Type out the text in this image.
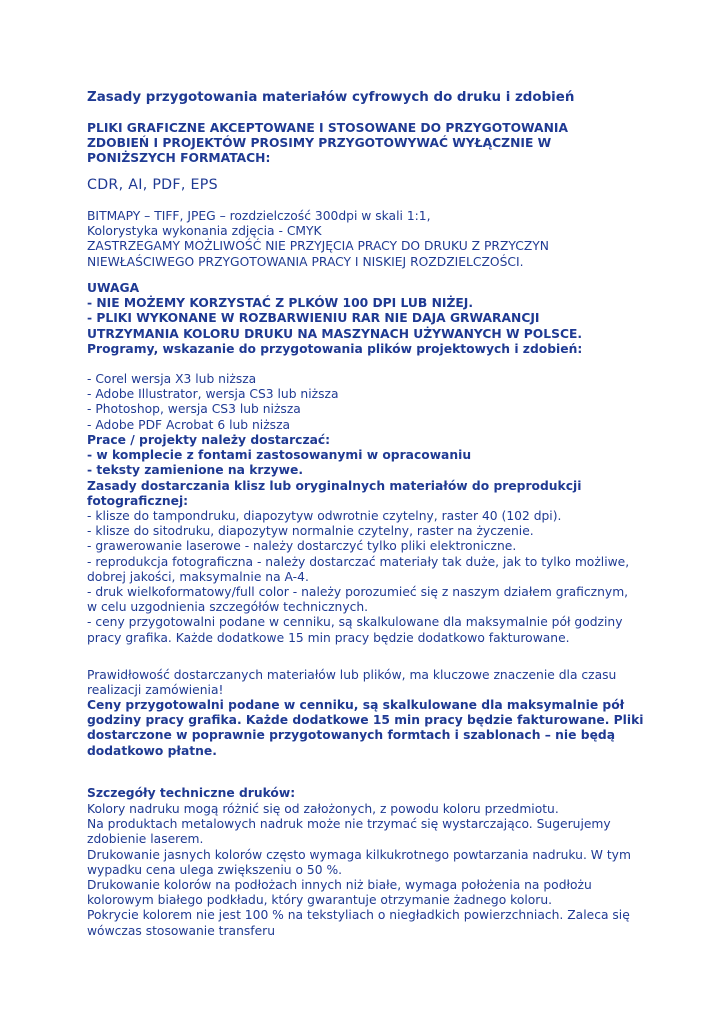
Zasady przygotowania materiałów cyfrowych do druku i zdobień
PLIKI GRAFICZNE AKCEPTOWANE I STOSOWANE DO PRZYGOTOWANIA
ZDOBIEŃ I PROJEKTÓW PROSIMY PRZYGOTOWYWAĆ WYŁĄCZNIE W
PONIŻSZYCH FORMATACH:
CDR, AI, PDF, EPS
BITMAPY – TIFF, JPEG – rozdzielczość 300dpi w skali 1:1,
Kolorystyka wykonania zdjęcia - CMYK
ZASTRZEGAMY MOŻLIWOŚĆ NIE PRZYJĘCIA PRACY DO DRUKU Z PRZYCZYN
NIEWŁAŚCIWEGO PRZYGOTOWANIA PRACY I NISKIEJ ROZDZIELCZOŚCI.
UWAGA
- NIE MOŻEMY KORZYSTAĆ Z PLKÓW 100 DPI LUB NIŻEJ.
- PLIKI WYKONANE W ROZBARWIENIU RAR NIE DAJA GRWARANCJI
UTRZYMANIA KOLORU DRUKU NA MASZYNACH UŻYWANYCH W POLSCE.
Programy, wskazanie do przygotowania plików projektowych i zdobień:
- Corel wersja X3 lub niższa
- Adobe Illustrator, wersja CS3 lub niższa
- Photoshop, wersja CS3 lub niższa
- Adobe PDF Acrobat 6 lub niższa
Prace / projekty należy dostarczać:
- w komplecie z fontami zastosowanymi w opracowaniu
- teksty zamienione na krzywe.
Zasady dostarczania klisz lub oryginalnych materiałów do preprodukcji
fotograficznej:
- klisze do tampondruku, diapozytyw odwrotnie czytelny, raster 40 (102 dpi).
- klisze do sitodruku, diapozytyw normalnie czytelny, raster na życzenie.
- grawerowanie laserowe - należy dostarczyć tylko pliki elektroniczne.
- reprodukcja fotograficzna - należy dostarczać materiały tak duże, jak to tylko możliwe,
dobrej jakości, maksymalnie na A-4.
- druk wielkoformatowy/full color - należy porozumieć się z naszym działem graficznym,
w celu uzgodnienia szczegółów technicznych.
- ceny przygotowalni podane w cenniku, są skalkulowane dla maksymalnie pół godziny
pracy grafika. Każde dodatkowe 15 min pracy będzie dodatkowo fakturowane.
Prawidłowość dostarczanych materiałów lub plików, ma kluczowe znaczenie dla czasu
realizacji zamówienia!
Ceny przygotowalni podane w cenniku, są skalkulowane dla maksymalnie pół
godziny pracy grafika. Każde dodatkowe 15 min pracy będzie fakturowane. Pliki
dostarczone w poprawnie przygotowanych formtach i szablonach – nie będą
dodatkowo płatne.
Szczegóły techniczne druków:
Kolory nadruku mogą różnić się od założonych, z powodu koloru przedmiotu.
Na produktach metalowych nadruk może nie trzymać się wystarczająco. Sugerujemy
zdobienie laserem.
Drukowanie jasnych kolorów często wymaga kilkukrotnego powtarzania nadruku. W tym
wypadku cena ulega zwiększeniu o 50 %.
Drukowanie kolorów na podłożach innych niż białe, wymaga położenia na podłożu
kolorowym białego podkładu, który gwarantuje otrzymanie żadnego koloru.
Pokrycie kolorem nie jest 100 % na tekstyliach o niegładkich powierzchniach. Zaleca się
wówczas stosowanie transferu
